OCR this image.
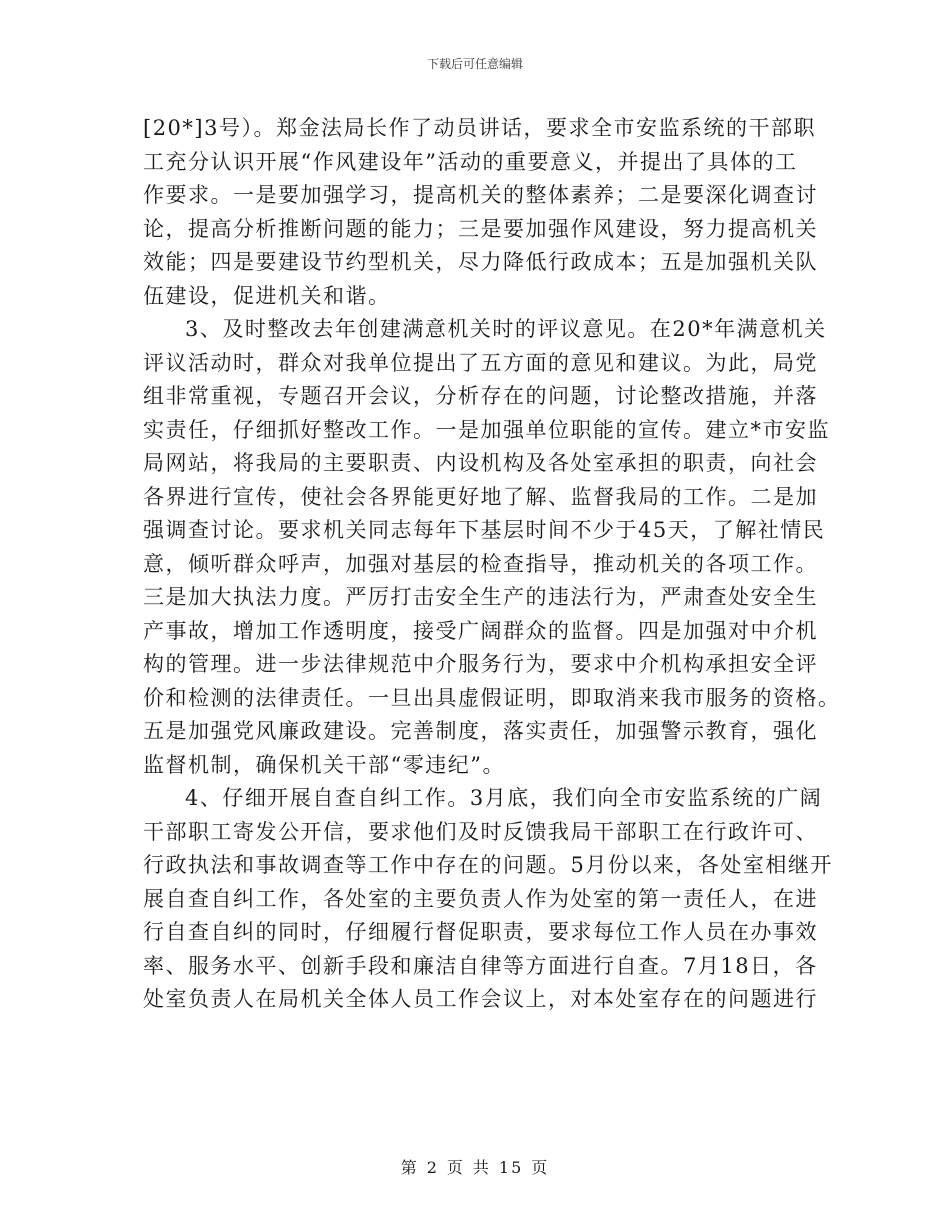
下载后可任意编辑
[20*]3号）。郑金法局长作了动员讲话，要求全市安监系统的干部职
工充分认识开展“作风建设年”活动的重要意义，并提出了具体的工
作要求。一是要加强学习，提高机关的整体素养；二是要深化调查讨
论，提高分析推断问题的能力；三是要加强作风建设，努力提高机关
效能；四是要建设节约型机关，尽力降低行政成本；五是加强机关队
伍建设，促进机关和谐。
3、及时整改去年创建满意机关时的评议意见。在20*年满意机关
评议活动时，群众对我单位提出了五方面的意见和建议。为此，局党
组非常重视，专题召开会议，分析存在的问题，讨论整改措施，并落
实责任，仔细抓好整改工作。一是加强单位职能的宣传。建立*市安监
局网站，将我局的主要职责、内设机构及各处室承担的职责，向社会
各界进行宣传，使社会各界能更好地了解、监督我局的工作。二是加
强调查讨论。要求机关同志每年下基层时间不少于45天，了解社情民
意，倾听群众呼声，加强对基层的检查指导，推动机关的各项工作。
三是加大执法力度。严厉打击安全生产的违法行为，严肃查处安全生
产事故，增加工作透明度，接受广阔群众的监督。四是加强对中介机
构的管理。进一步法律规范中介服务行为，要求中介机构承担安全评
价和检测的法律责任。一旦出具虚假证明，即取消来我市服务的资格。
五是加强党风廉政建设。完善制度，落实责任，加强警示教育，强化
监督机制，确保机关干部“零违纪”。
4、仔细开展自查自纠工作。3月底，我们向全市安监系统的广阔
干部职工寄发公开信，要求他们及时反馈我局干部职工在行政许可、
行政执法和事故调查等工作中存在的问题。5月份以来，各处室相继开
展自查自纠工作，各处室的主要负责人作为处室的第一责任人，在进
行自查自纠的同时，仔细履行督促职责，要求每位工作人员在办事效
率、服务水平、创新手段和廉洁自律等方面进行自查。7月18日，各
处室负责人在局机关全体人员工作会议上，对本处室存在的问题进行
第 2 页 共 15 页
